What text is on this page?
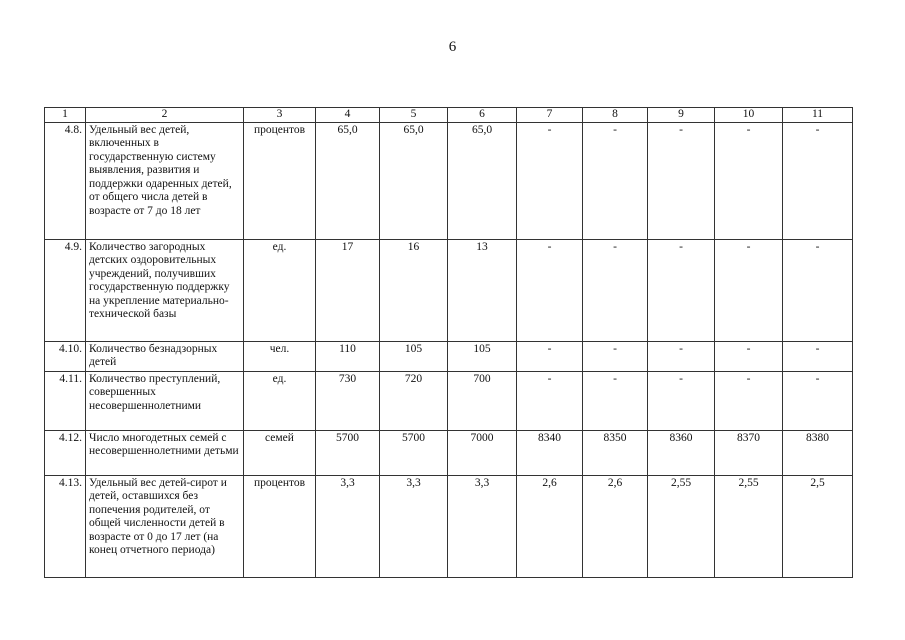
6
1	2	3	4	5	6	7	8	9	10	11
4.8.	Удельный вес детей, включенных в государственную систему выявления, развития и поддержки одаренных детей, от общего числа детей в возрасте от 7 до 18 лет	процентов	65,0	65,0	65,0	-	-	-	-	-
4.9.	Количество загородных детских оздоровительных учреждений, получивших государственную поддержку на укрепление материально-технической базы	ед.	17	16	13	-	-	-	-	-
4.10.	Количество безнадзорных детей	чел.	110	105	105	-	-	-	-	-
4.11.	Количество преступлений, совершенных несовершеннолетними	ед.	730	720	700	-	-	-	-	-
4.12.	Число многодетных семей с несовершеннолетними детьми	семей	5700	5700	7000	8340	8350	8360	8370	8380
4.13.	Удельный вес детей-сирот и детей, оставшихся без попечения родителей, от общей численности детей в возрасте от 0 до 17 лет (на конец отчетного периода)	процентов	3,3	3,3	3,3	2,6	2,6	2,55	2,55	2,5
